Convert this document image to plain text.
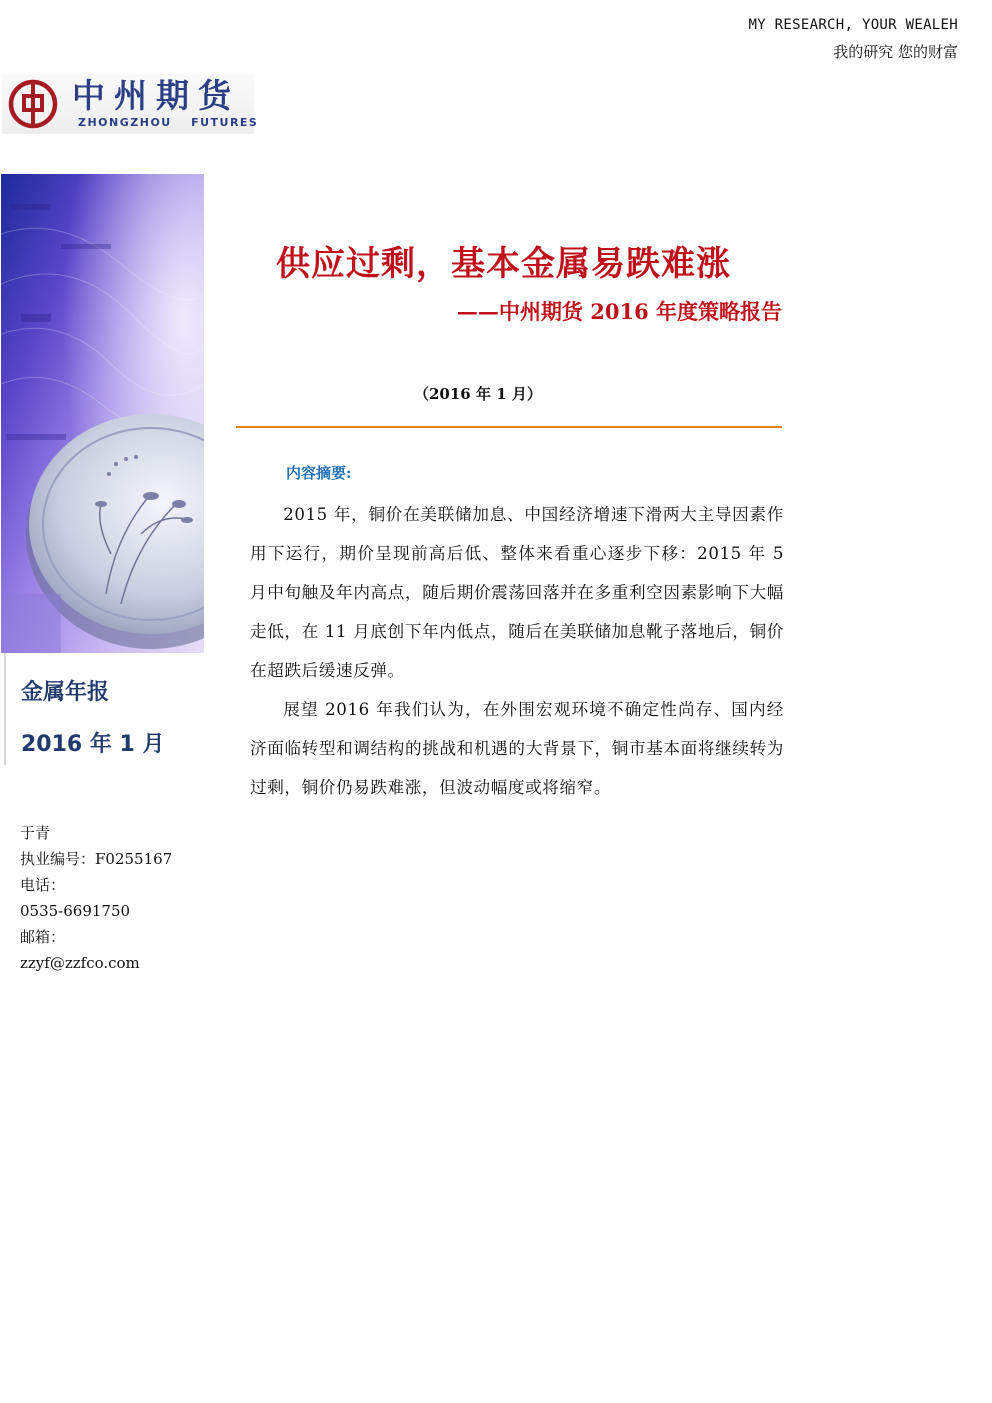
MY RESEARCH, YOUR WEALEH
我的研究 您的财富
中州期货
ZHONGZHOU FUTURES
金属年报
2016 年 1 月
于青
执业编号：F0255167
电话：
0535-6691750
邮箱：
zzyf@zzfco.com
供应过剩，基本金属易跌难涨
——中州期货 2016 年度策略报告
（2016 年 1 月）
内容摘要:

2015 年，铜价在美联储加息、中国经济增速下滑两大主导因素作用下运行，期价呈现前高后低、整体来看重心逐步下移：2015 年 5 月中旬触及年内高点，随后期价震荡回落并在多重利空因素影响下大幅走低，在 11 月底创下年内低点，随后在美联储加息靴子落地后，铜价在超跌后缓速反弹。

展望 2016 年我们认为，在外围宏观环境不确定性尚存、国内经济面临转型和调结构的挑战和机遇的大背景下，铜市基本面将继续转为过剩，铜价仍易跌难涨，但波动幅度或将缩窄。
